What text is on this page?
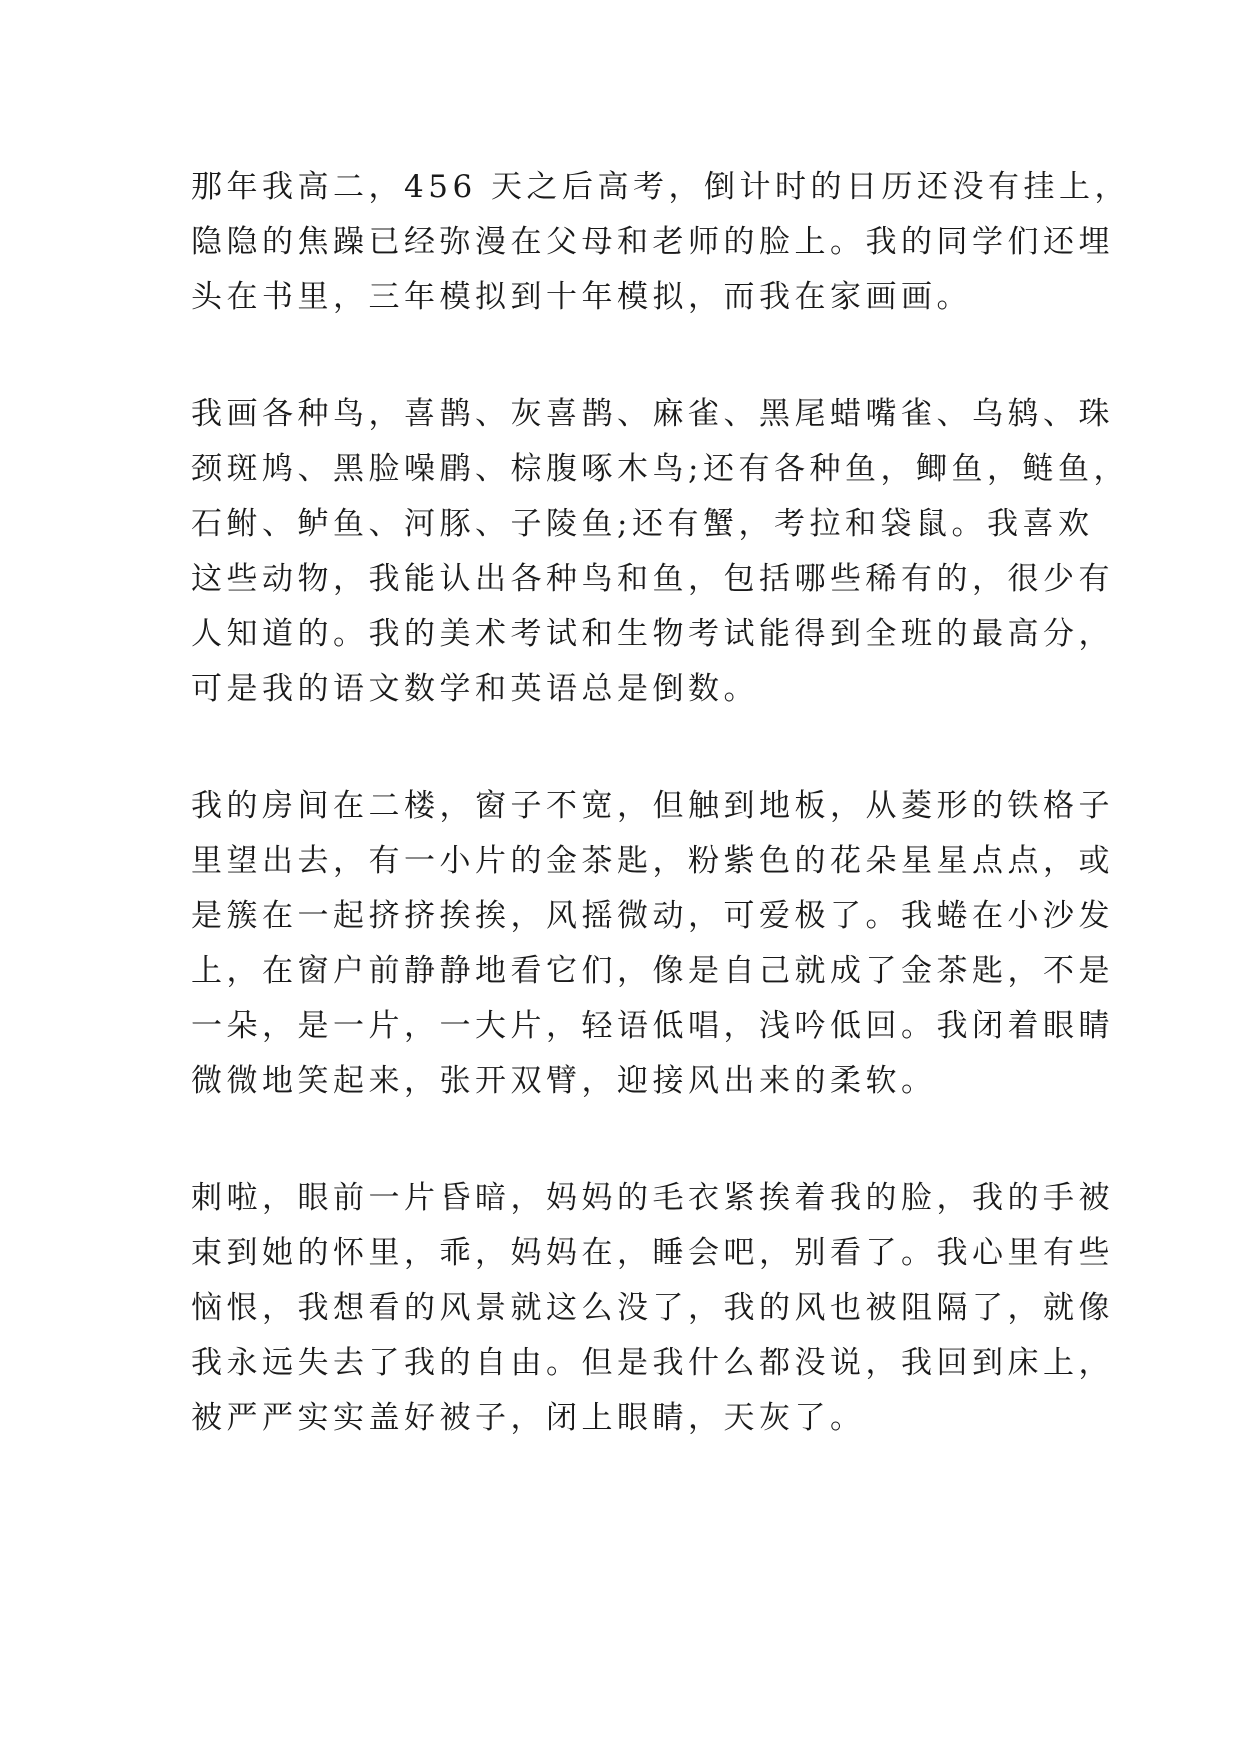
那年我高二，456 天之后高考，倒计时的日历还没有挂上，
隐隐的焦躁已经弥漫在父母和老师的脸上。我的同学们还埋
头在书里，三年模拟到十年模拟，而我在家画画。
我画各种鸟，喜鹊、灰喜鹊、麻雀、黑尾蜡嘴雀、乌鸫、珠
颈斑鸠、黑脸噪鹛、棕腹啄木鸟;还有各种鱼，鲫鱼，鲢鱼，
石鲋、鲈鱼、河豚、子陵鱼;还有蟹，考拉和袋鼠。我喜欢
这些动物，我能认出各种鸟和鱼，包括哪些稀有的，很少有
人知道的。我的美术考试和生物考试能得到全班的最高分，
可是我的语文数学和英语总是倒数。
我的房间在二楼，窗子不宽，但触到地板，从菱形的铁格子
里望出去，有一小片的金茶匙，粉紫色的花朵星星点点，或
是簇在一起挤挤挨挨，风摇微动，可爱极了。我蜷在小沙发
上，在窗户前静静地看它们，像是自己就成了金茶匙，不是
一朵，是一片，一大片，轻语低唱，浅吟低回。我闭着眼睛
微微地笑起来，张开双臂，迎接风出来的柔软。
刺啦，眼前一片昏暗，妈妈的毛衣紧挨着我的脸，我的手被
束到她的怀里，乖，妈妈在，睡会吧，别看了。我心里有些
恼恨，我想看的风景就这么没了，我的风也被阻隔了，就像
我永远失去了我的自由。但是我什么都没说，我回到床上，
被严严实实盖好被子，闭上眼睛，天灰了。
